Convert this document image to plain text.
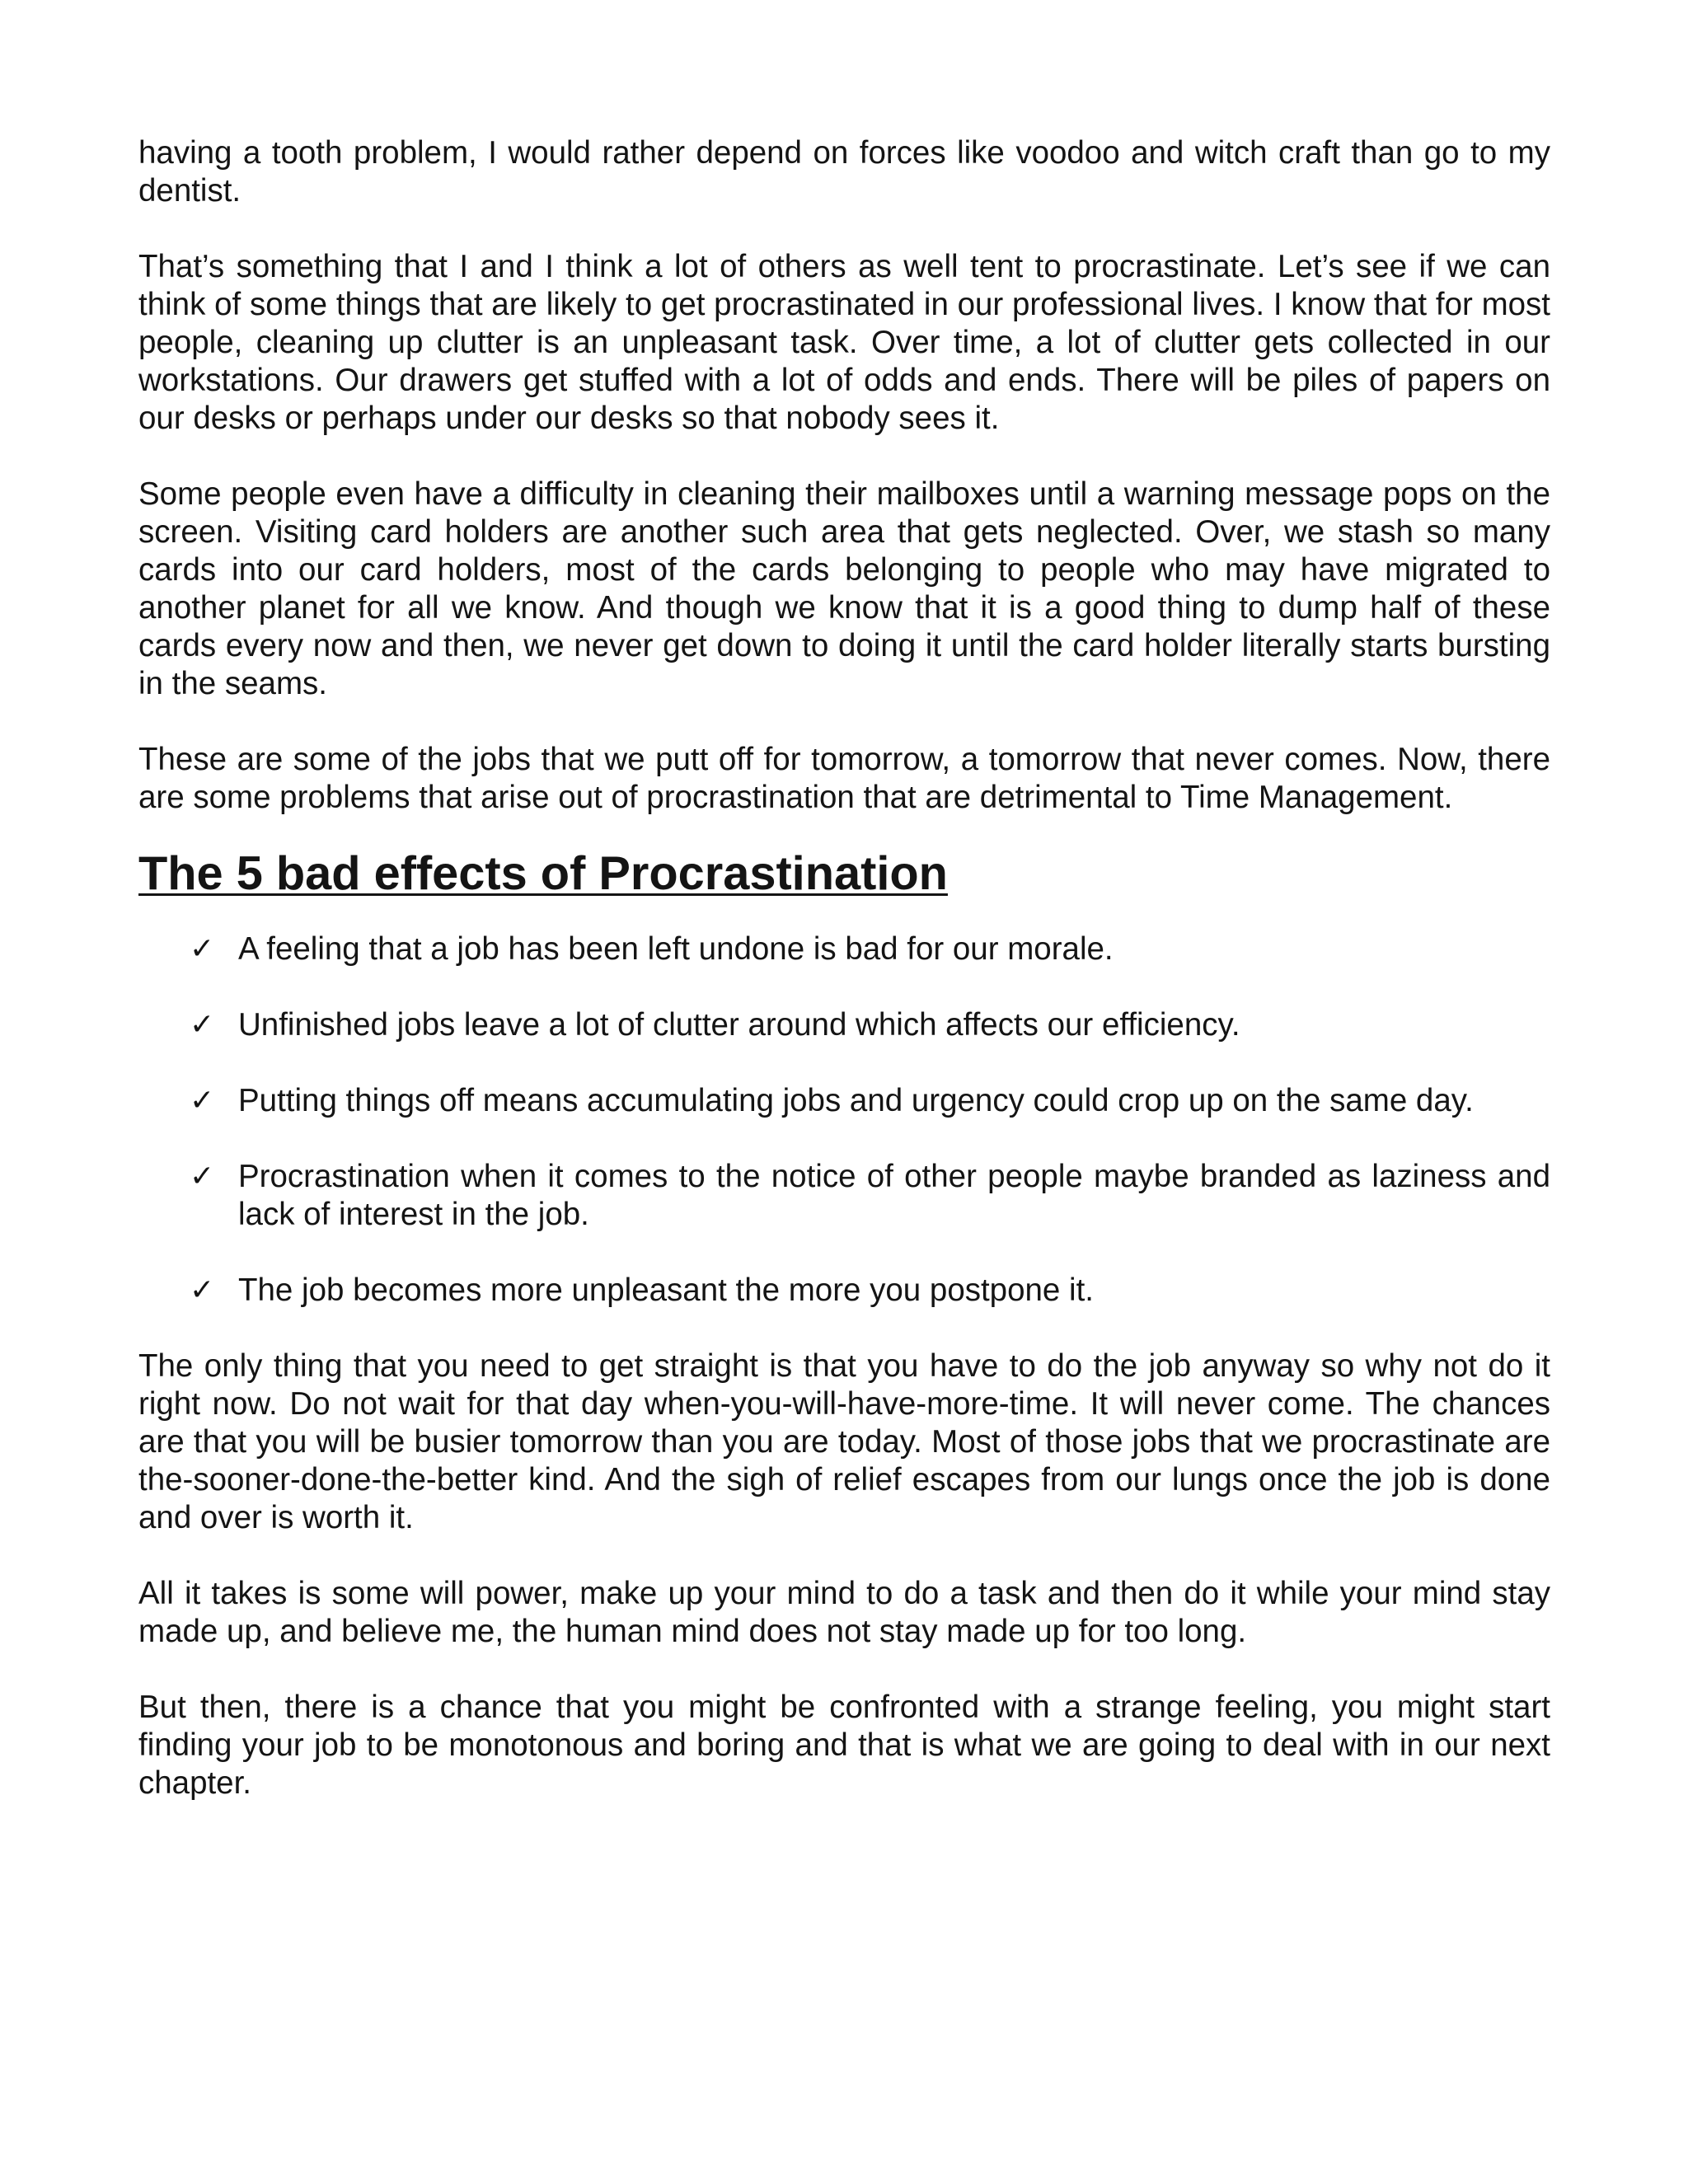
having a tooth problem, I would rather depend on forces like voodoo and witch craft than go to my dentist.

That’s something that I and I think a lot of others as well tent to procrastinate. Let’s see if we can think of some things that are likely to get procrastinated in our professional lives. I know that for most people, cleaning up clutter is an unpleasant task. Over time, a lot of clutter gets collected in our workstations. Our drawers get stuffed with a lot of odds and ends. There will be piles of papers on our desks or perhaps under our desks so that nobody sees it.

Some people even have a difficulty in cleaning their mailboxes until a warning message pops on the screen. Visiting card holders are another such area that gets neglected. Over, we stash so many cards into our card holders, most of the cards belonging to people who may have migrated to another planet for all we know. And though we know that it is a good thing to dump half of these cards every now and then, we never get down to doing it until the card holder literally starts bursting in the seams.

These are some of the jobs that we putt off for tomorrow, a tomorrow that never comes. Now, there are some problems that arise out of procrastination that are detrimental to Time Management.

The 5 bad effects of Procrastination
✓ A feeling that a job has been left undone is bad for our morale.
✓ Unfinished jobs leave a lot of clutter around which affects our efficiency.
✓ Putting things off means accumulating jobs and urgency could crop up on the same day.
✓ Procrastination when it comes to the notice of other people maybe branded as laziness and lack of interest in the job.
✓ The job becomes more unpleasant the more you postpone it.

The only thing that you need to get straight is that you have to do the job anyway so why not do it right now. Do not wait for that day when-you-will-have-more-time. It will never come. The chances are that you will be busier tomorrow than you are today. Most of those jobs that we procrastinate are the-sooner-done-the-better kind. And the sigh of relief escapes from our lungs once the job is done and over is worth it.

All it takes is some will power, make up your mind to do a task and then do it while your mind stay made up, and believe me, the human mind does not stay made up for too long.

But then, there is a chance that you might be confronted with a strange feeling, you might start finding your job to be monotonous and boring and that is what we are going to deal with in our next chapter.
